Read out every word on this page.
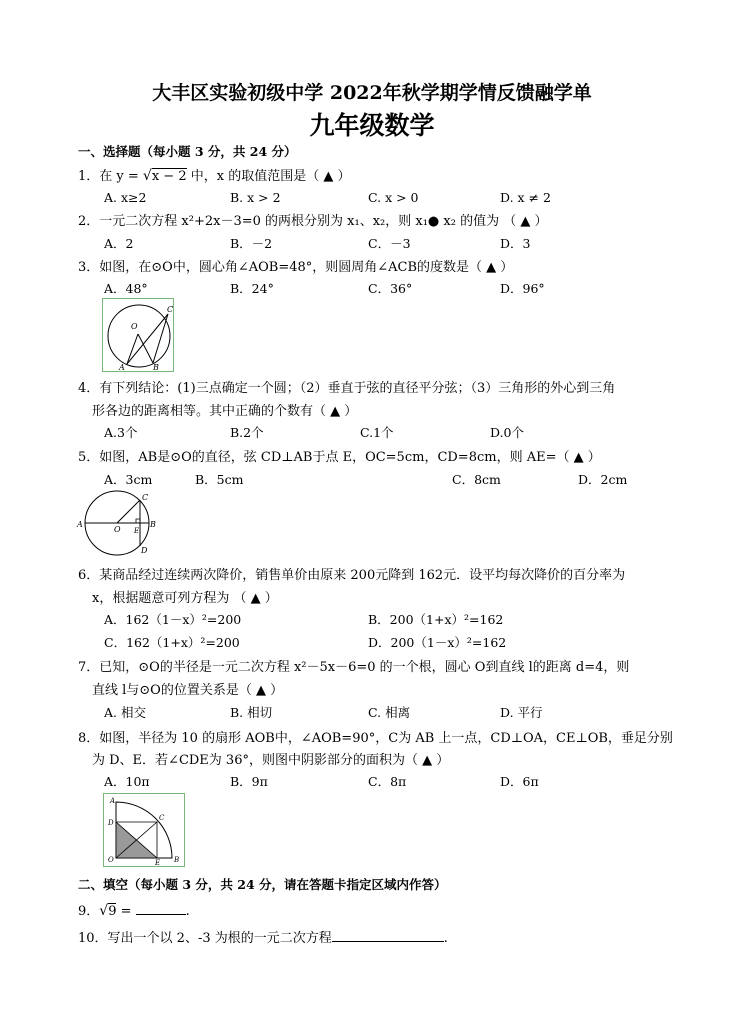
大丰区实验初级中学 2022年秋学期学情反馈融学单
九年级数学
一、选择题（每小题 3 分，共 24 分）
1．在 y = √x − 2 中，x 的取值范围是（ ▲ ）
A. x≥2	B. x > 2	C. x > 0	D. x ≠ 2
2．一元二次方程 x²+2x－3=0 的两根分别为 x₁、x₂，则 x₁● x₂ 的值为 （ ▲ ）
A．2	B．－2	C．－3	D．3
3．如图，在⊙O中，圆心角∠AOB=48°，则圆周角∠ACB的度数是（ ▲ ）
A．48°	B．24°	C．36°	D．96°
O
C
A	B
4．有下列结论：(1)三点确定一个圆；（2）垂直于弦的直径平分弦；（3）三角形的外心到三角
形各边的距离相等。其中正确的个数有（ ▲ ）
A.3个	B.2个	C.1个	D.0个
5．如图，AB是⊙O的直径，弦 CD⊥AB于点 E，OC=5cm，CD=8cm，则 AE=（ ▲ ）
A．3cm	B．5cm	C．8cm	D．2cm
A	B
C
D
E
O
6．某商品经过连续两次降价，销售单价由原来 200元降到 162元．设平均每次降价的百分率为
x，根据题意可列方程为 （ ▲ ）
A．162（1－x）²=200	B．200（1+x）²=162
C．162（1+x）²=200	D．200（1－x）²=162
7．已知，⊙O的半径是一元二次方程 x²－5x－6=0 的一个根，圆心 O到直线 l的距离 d=4，则
直线 l与⊙O的位置关系是（ ▲ ）
A. 相交	B. 相切	C. 相离	D. 平行
8．如图，半径为 10 的扇形 AOB中，∠AOB=90°，C为 AB 上一点，CD⊥OA，CE⊥OB，垂足分别
为 D、E．若∠CDE为 36°，则图中阴影部分的面积为（ ▲ ）
A．10π	B．9π	C．8π	D．6π
A
B
C
D
E
O
二、填空（每小题 3 分，共 24 分，请在答题卡指定区域内作答）
9．√9 =	.
10．写出一个以 2、-3 为根的一元二次方程	.
